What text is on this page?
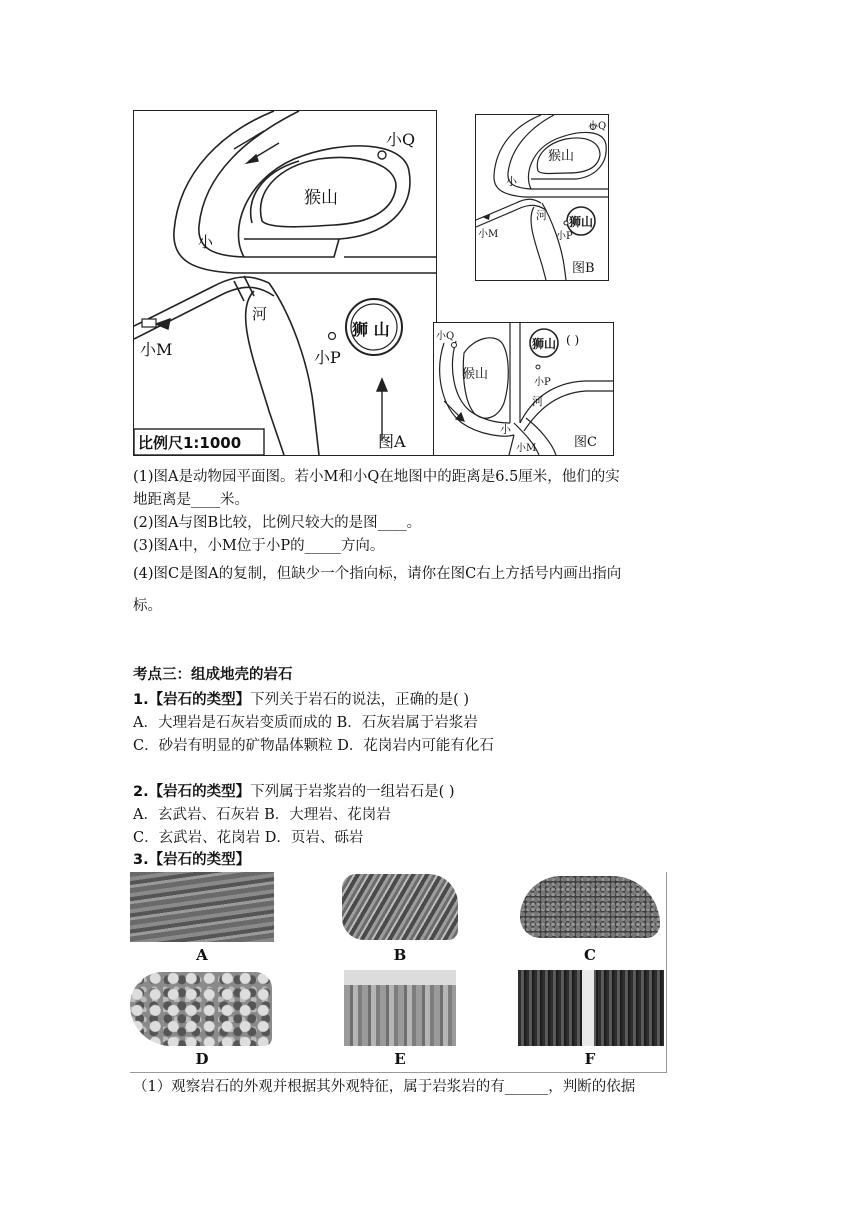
猴山
狮 山
小Q
小P
小M
小
河
比例尺1:1000	图A
猴山
狮山
小Q
小P
小M
小
河
图B
猴山
狮山 ( )
小Q
小P
小M
小
河
图C
(1)图A是动物园平面图。若小M和小Q在地图中的距离是6.5厘米，他们的实
地距离是____米。
(2)图A与图B比较，比例尺较大的是图____。
(3)图A中，小M位于小P的_____方向。
(4)图C是图A的复制，但缺少一个指向标，请你在图C右上方括号内画出指向
标。
考点三：组成地壳的岩石
1.【岩石的类型】下列关于岩石的说法，正确的是( )
A．大理岩是石灰岩变质而成的 B．石灰岩属于岩浆岩
C．砂岩有明显的矿物晶体颗粒 D．花岗岩内可能有化石
2.【岩石的类型】下列属于岩浆岩的一组岩石是( )
A．玄武岩、石灰岩 B．大理岩、花岗岩
C．玄武岩、花岗岩 D．页岩、砾岩
3.【岩石的类型】
A	B	C
D	E	F
（1）观察岩石的外观并根据其外观特征，属于岩浆岩的有______，判断的依据
